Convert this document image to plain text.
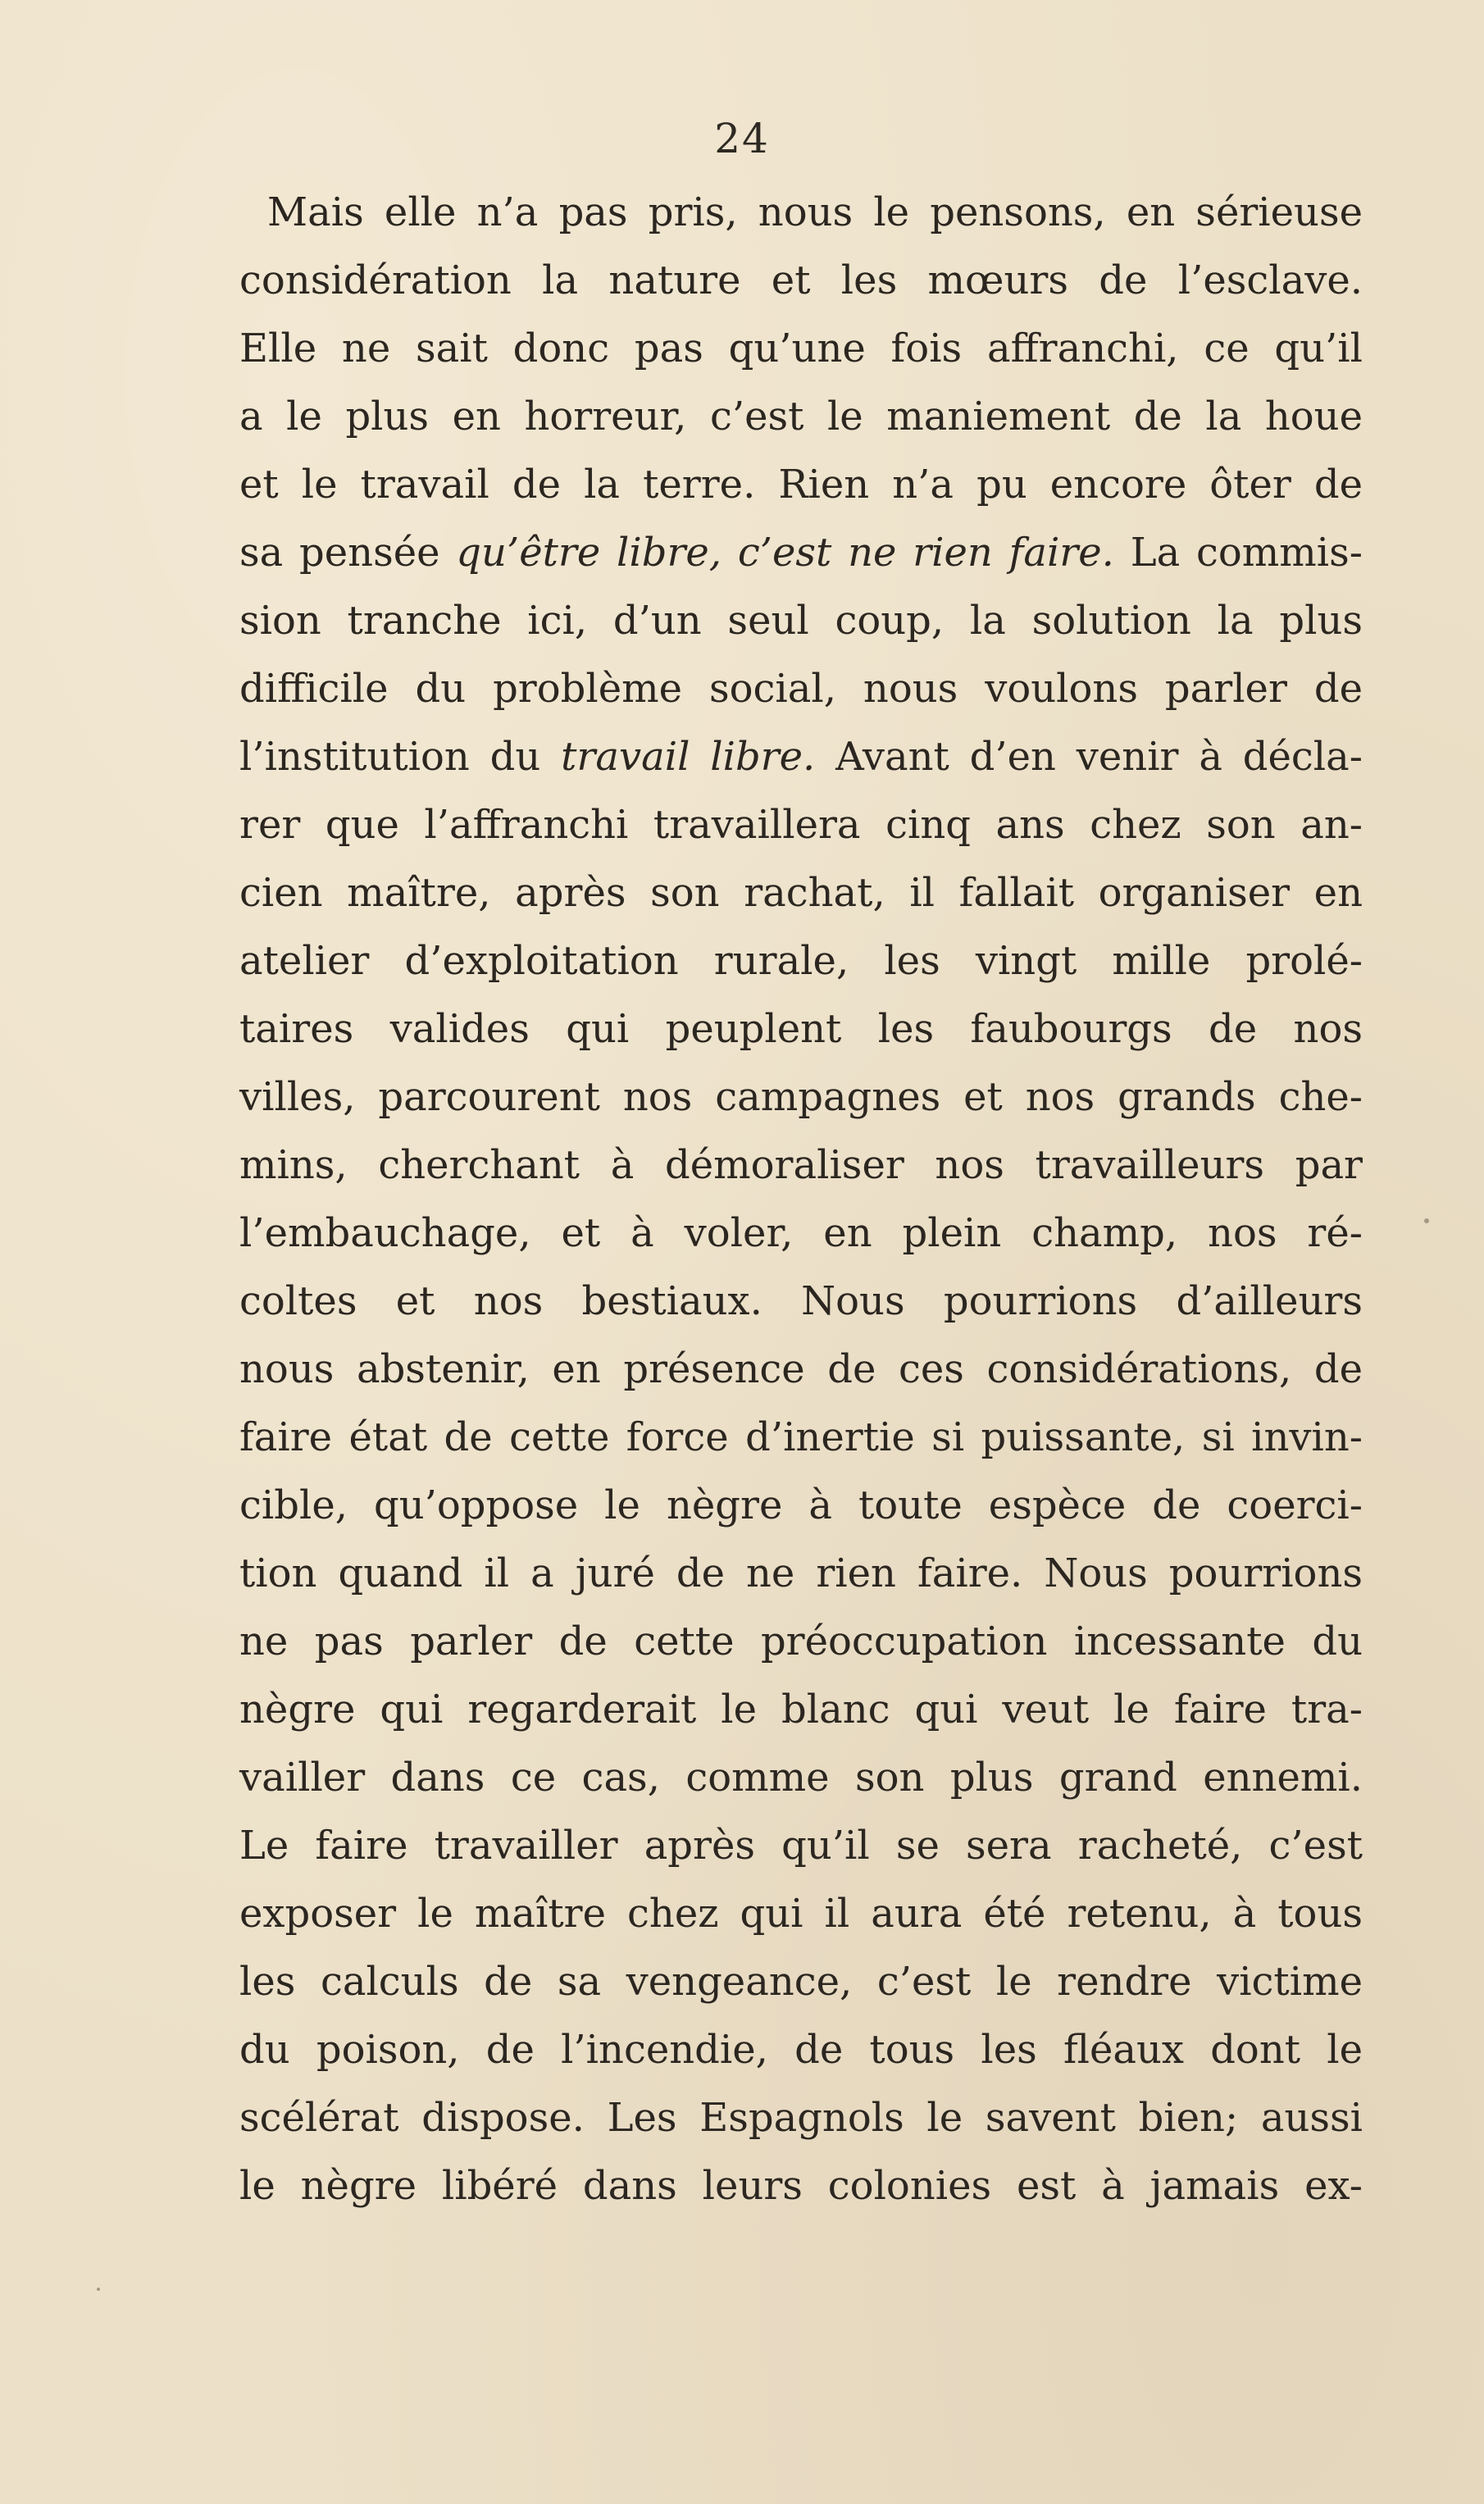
24
Mais elle n’a pas pris, nous le pensons, en sérieuse
considération la nature et les mœurs de l’esclave.
Elle ne sait donc pas qu’une fois affranchi, ce qu’il
a le plus en horreur, c’est le maniement de la houe
et le travail de la terre. Rien n’a pu encore ôter de
sa pensée qu’être libre, c’est ne rien faire. La commis-
sion tranche ici, d’un seul coup, la solution la plus
difficile du problème social, nous voulons parler de
l’institution du travail libre. Avant d’en venir à décla-
rer que l’affranchi travaillera cinq ans chez son an-
cien maître, après son rachat, il fallait organiser en
atelier d’exploitation rurale, les vingt mille prolé-
taires valides qui peuplent les faubourgs de nos
villes, parcourent nos campagnes et nos grands che-
mins, cherchant à démoraliser nos travailleurs par
l’embauchage, et à voler, en plein champ, nos ré-
coltes et nos bestiaux. Nous pourrions d’ailleurs
nous abstenir, en présence de ces considérations, de
faire état de cette force d’inertie si puissante, si invin-
cible, qu’oppose le nègre à toute espèce de coerci-
tion quand il a juré de ne rien faire. Nous pourrions
ne pas parler de cette préoccupation incessante du
nègre qui regarderait le blanc qui veut le faire tra-
vailler dans ce cas, comme son plus grand ennemi.
Le faire travailler après qu’il se sera racheté, c’est
exposer le maître chez qui il aura été retenu, à tous
les calculs de sa vengeance, c’est le rendre victime
du poison, de l’incendie, de tous les fléaux dont le
scélérat dispose. Les Espagnols le savent bien; aussi
le nègre libéré dans leurs colonies est à jamais ex-
